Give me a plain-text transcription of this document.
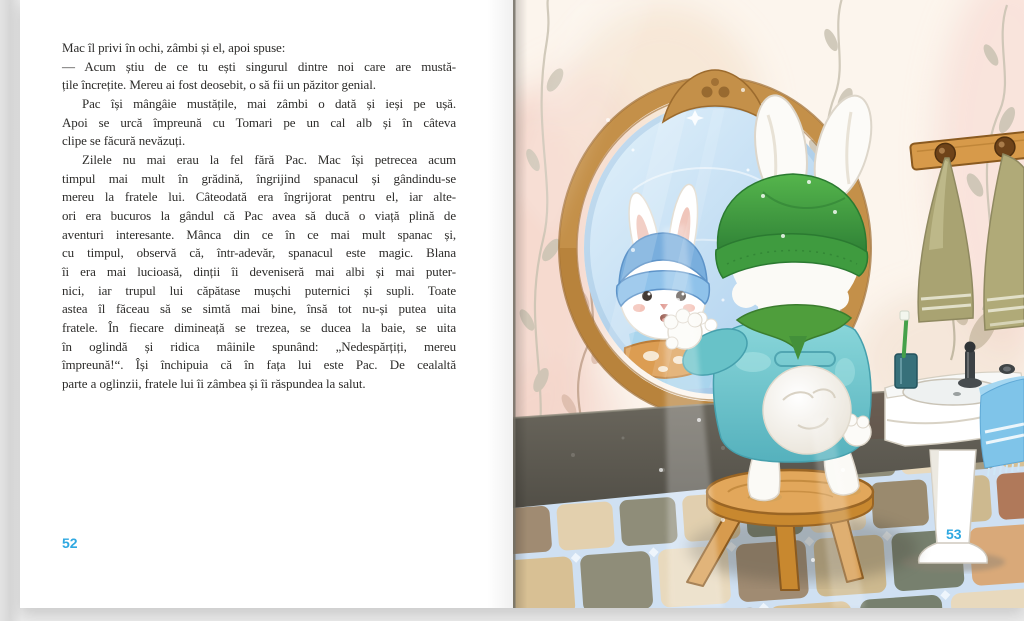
Mac îl privi în ochi, zâmbi și el, apoi spuse:
— Acum știu de ce tu ești singurul dintre noi care are mustă-
țile încrețite. Mereu ai fost deosebit, o să fii un păzitor genial.
Pac își mângâie mustățile, mai zâmbi o dată și ieși pe ușă.
Apoi se urcă împreună cu Tomari pe un cal alb și în câteva
clipe se făcură nevăzuți.
Zilele nu mai erau la fel fără Pac. Mac își petrecea acum
timpul mai mult în grădină, îngrijind spanacul și gândindu-se
mereu la fratele lui. Câteodată era îngrijorat pentru el, iar alte-
ori era bucuros la gândul că Pac avea să ducă o viață plină de
aventuri interesante. Mânca din ce în ce mai mult spanac și,
cu timpul, observă că, într-adevăr, spanacul este magic. Blana
îi era mai lucioasă, dinții îi deveniseră mai albi și mai puter-
nici, iar trupul lui căpătase mușchi puternici și supli. Toate
astea îl făceau să se simtă mai bine, însă tot nu-și putea uita
fratele. În fiecare dimineață se trezea, se ducea la baie, se uita
în oglindă și ridica mâinile spunând: „Nedespărțiți, mereu
împreună!“. Își închipuia că în fața lui este Pac. De cealaltă
parte a oglinzii, fratele lui îi zâmbea și îi răspundea la salut.
52
53
